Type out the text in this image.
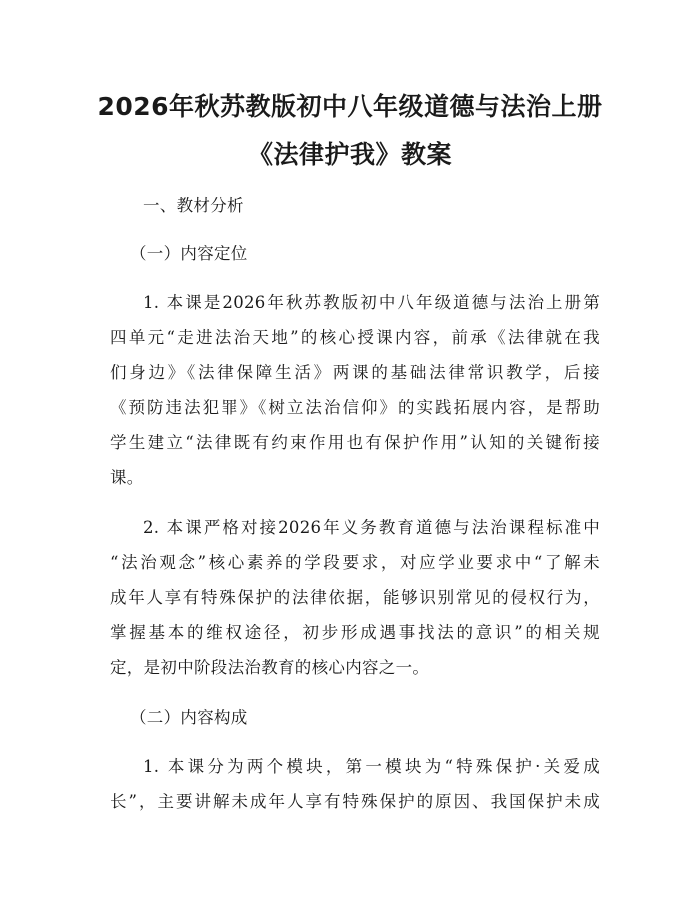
2026年秋苏教版初中八年级道德与法治上册
《法律护我》教案
一、教材分析
（一）内容定位
1. 本课是2026年秋苏教版初中八年级道德与法治上册第
四单元“走进法治天地”的核心授课内容，前承《法律就在我
们身边》《法律保障生活》两课的基础法律常识教学，后接
《预防违法犯罪》《树立法治信仰》的实践拓展内容，是帮助
学生建立“法律既有约束作用也有保护作用”认知的关键衔接
课。
2. 本课严格对接2026年义务教育道德与法治课程标准中
“法治观念”核心素养的学段要求，对应学业要求中“了解未
成年人享有特殊保护的法律依据，能够识别常见的侵权行为，
掌握基本的维权途径，初步形成遇事找法的意识”的相关规
定，是初中阶段法治教育的核心内容之一。
（二）内容构成
1. 本课分为两个模块，第一模块为“特殊保护·关爱成
长”，主要讲解未成年人享有特殊保护的原因、我国保护未成
